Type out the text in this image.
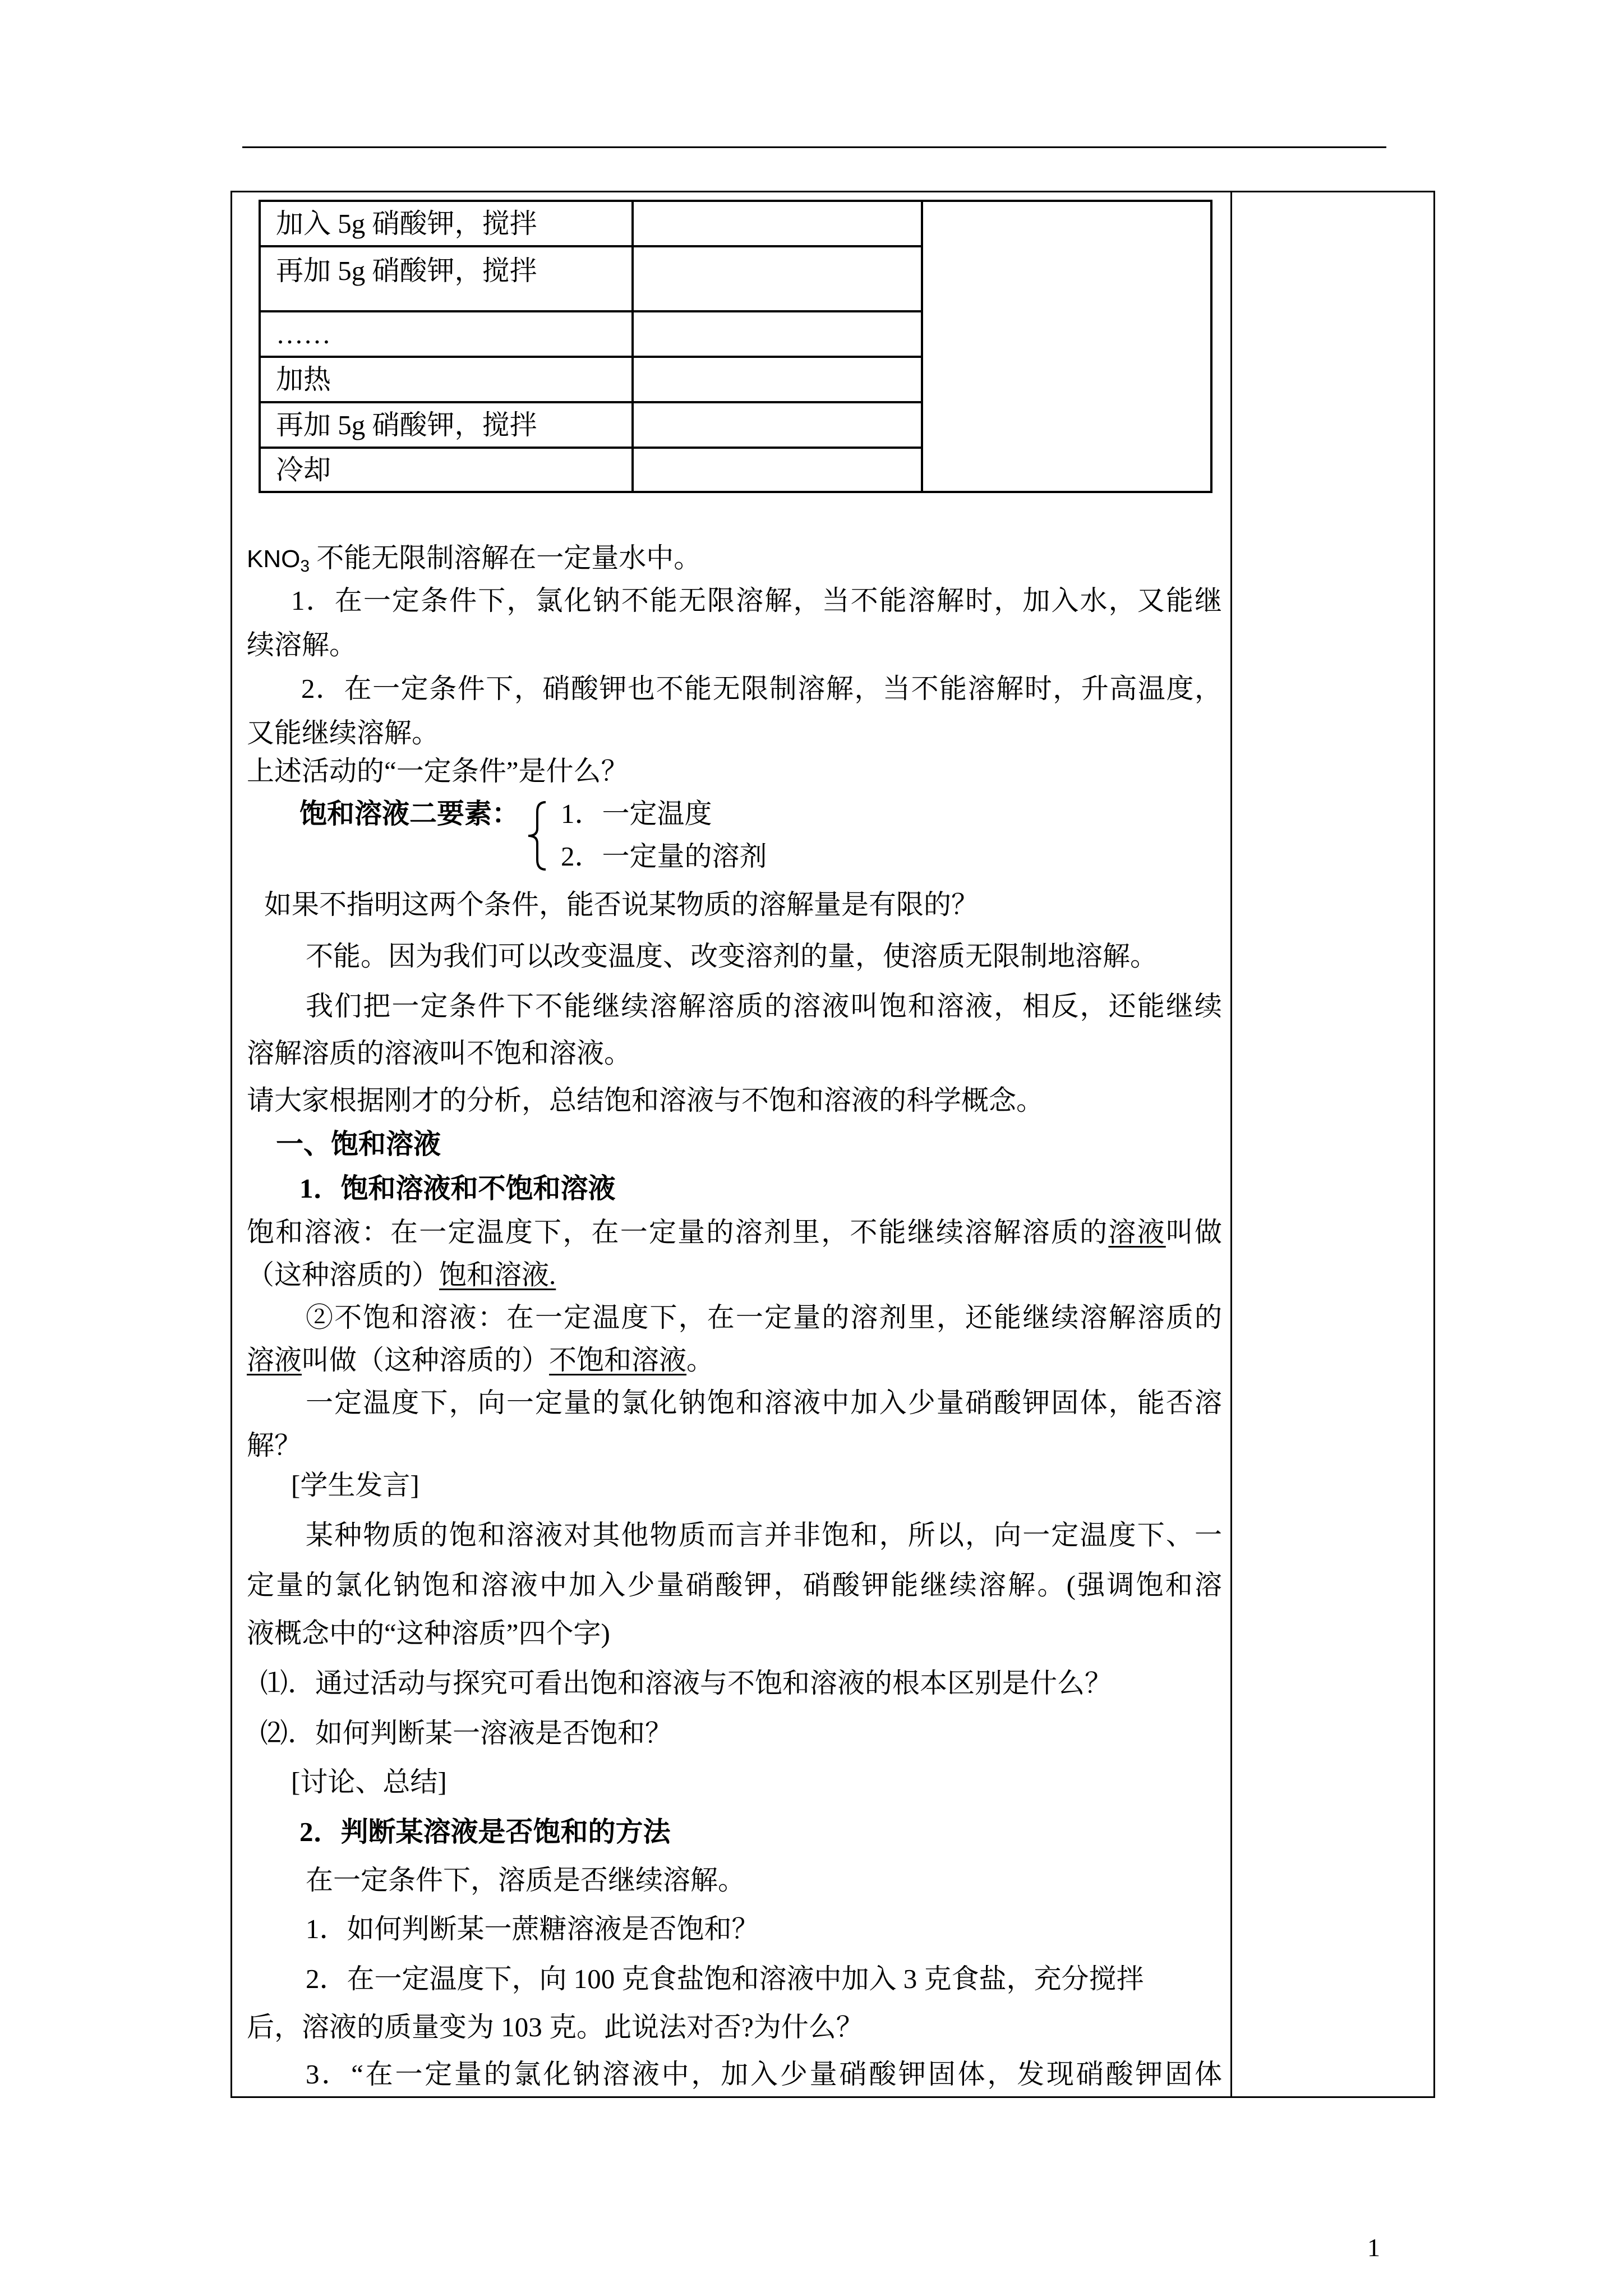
加入 5g 硝酸钾，搅拌		
再加 5g 硝酸钾，搅拌		
……		
加热		
再加 5g 硝酸钾，搅拌		
冷却		
$KNO_3$ 不能无限制溶解在一定量水中。
1．在一定条件下，氯化钠不能无限溶解，当不能溶解时，加入水，又能继
续溶解。
2．在一定条件下，硝酸钾也不能无限制溶解，当不能溶解时，升高温度，
又能继续溶解。
上述活动的“一定条件”是什么？
饱和溶液二要素： 1．一定温度
2．一定量的溶剂
如果不指明这两个条件，能否说某物质的溶解量是有限的？
不能。因为我们可以改变温度、改变溶剂的量，使溶质无限制地溶解。
我们把一定条件下不能继续溶解溶质的溶液叫饱和溶液，相反，还能继续
溶解溶质的溶液叫不饱和溶液。
请大家根据刚才的分析，总结饱和溶液与不饱和溶液的科学概念。
一、饱和溶液
1．饱和溶液和不饱和溶液
饱和溶液：在一定温度下，在一定量的溶剂里，不能继续溶解溶质的溶液叫做
（这种溶质的）饱和溶液.
②不饱和溶液：在一定温度下，在一定量的溶剂里，还能继续溶解溶质的
溶液叫做（这种溶质的）不饱和溶液。
一定温度下，向一定量的氯化钠饱和溶液中加入少量硝酸钾固体，能否溶
解？
[学生发言]
某种物质的饱和溶液对其他物质而言并非饱和，所以，向一定温度下、一
定量的氯化钠饱和溶液中加入少量硝酸钾，硝酸钾能继续溶解。(强调饱和溶
液概念中的“这种溶质”四个字)
⑴．通过活动与探究可看出饱和溶液与不饱和溶液的根本区别是什么？
⑵．如何判断某一溶液是否饱和？
[讨论、总结]
2．判断某溶液是否饱和的方法
在一定条件下，溶质是否继续溶解。
1．如何判断某一蔗糖溶液是否饱和？
2．在一定温度下，向 100 克食盐饱和溶液中加入 3 克食盐，充分搅拌
后，溶液的质量变为 103 克。此说法对否?为什么？
3．“在一定量的氯化钠溶液中，加入少量硝酸钾固体，发现硝酸钾固体
1
